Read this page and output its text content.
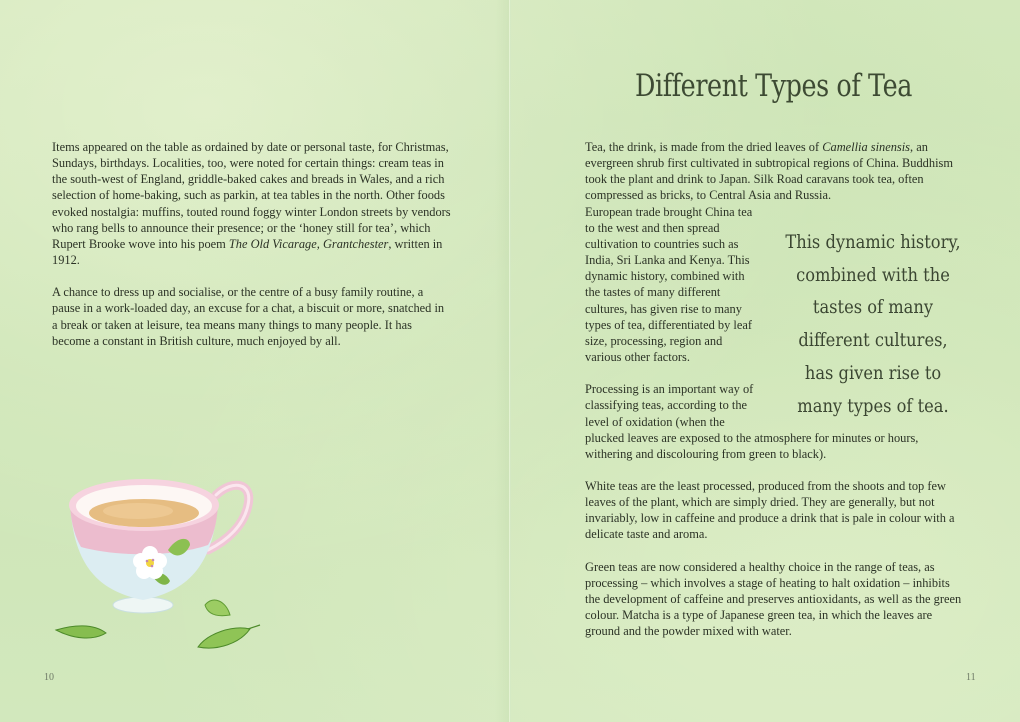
Items appeared on the table as ordained by date or personal taste, for Christmas, Sundays, birthdays. Localities, too, were noted for certain things: cream teas in the south-west of England, griddle-baked cakes and breads in Wales, and a rich selection of home-baking, such as parkin, at tea tables in the north. Other foods evoked nostalgia: muffins, touted round foggy winter London streets by vendors who rang bells to announce their presence; or the ‘honey still for tea’, which Rupert Brooke wove into his poem The Old Vicarage, Grantchester, written in 1912.

A chance to dress up and socialise, or the centre of a busy family routine, a pause in a work-loaded day, an excuse for a chat, a biscuit or more, snatched in a break or taken at leisure, tea means many things to many people. It has become a constant in British culture, much enjoyed by all.

10
Different Types of Tea

Tea, the drink, is made from the dried leaves of Camellia sinensis, an evergreen shrub first cultivated in subtropical regions of China. Buddhism took the plant and drink to Japan. Silk Road caravans took tea, often compressed as bricks, to Central Asia and Russia.

European trade brought China tea to the west and then spread cultivation to countries such as India, Sri Lanka and Kenya. This dynamic history, combined with the tastes of many different cultures, has given rise to many types of tea, differentiated by leaf size, processing, region and various other factors.

Processing is an important way of classifying teas, according to the level of oxidation (when the

plucked leaves are exposed to the atmosphere for minutes or hours, withering and discolouring from green to black).

White teas are the least processed, produced from the shoots and top few leaves of the plant, which are simply dried. They are generally, but not invariably, low in caffeine and produce a drink that is pale in colour with a delicate taste and aroma.

Green teas are now considered a healthy choice in the range of teas, as processing – which involves a stage of heating to halt oxidation – inhibits the development of caffeine and preserves antioxidants, as well as the green colour. Matcha is a type of Japanese green tea, in which the leaves are ground and the powder mixed with water.

This dynamic history, combined with the tastes of many different cultures, has given rise to many types of tea.
11
